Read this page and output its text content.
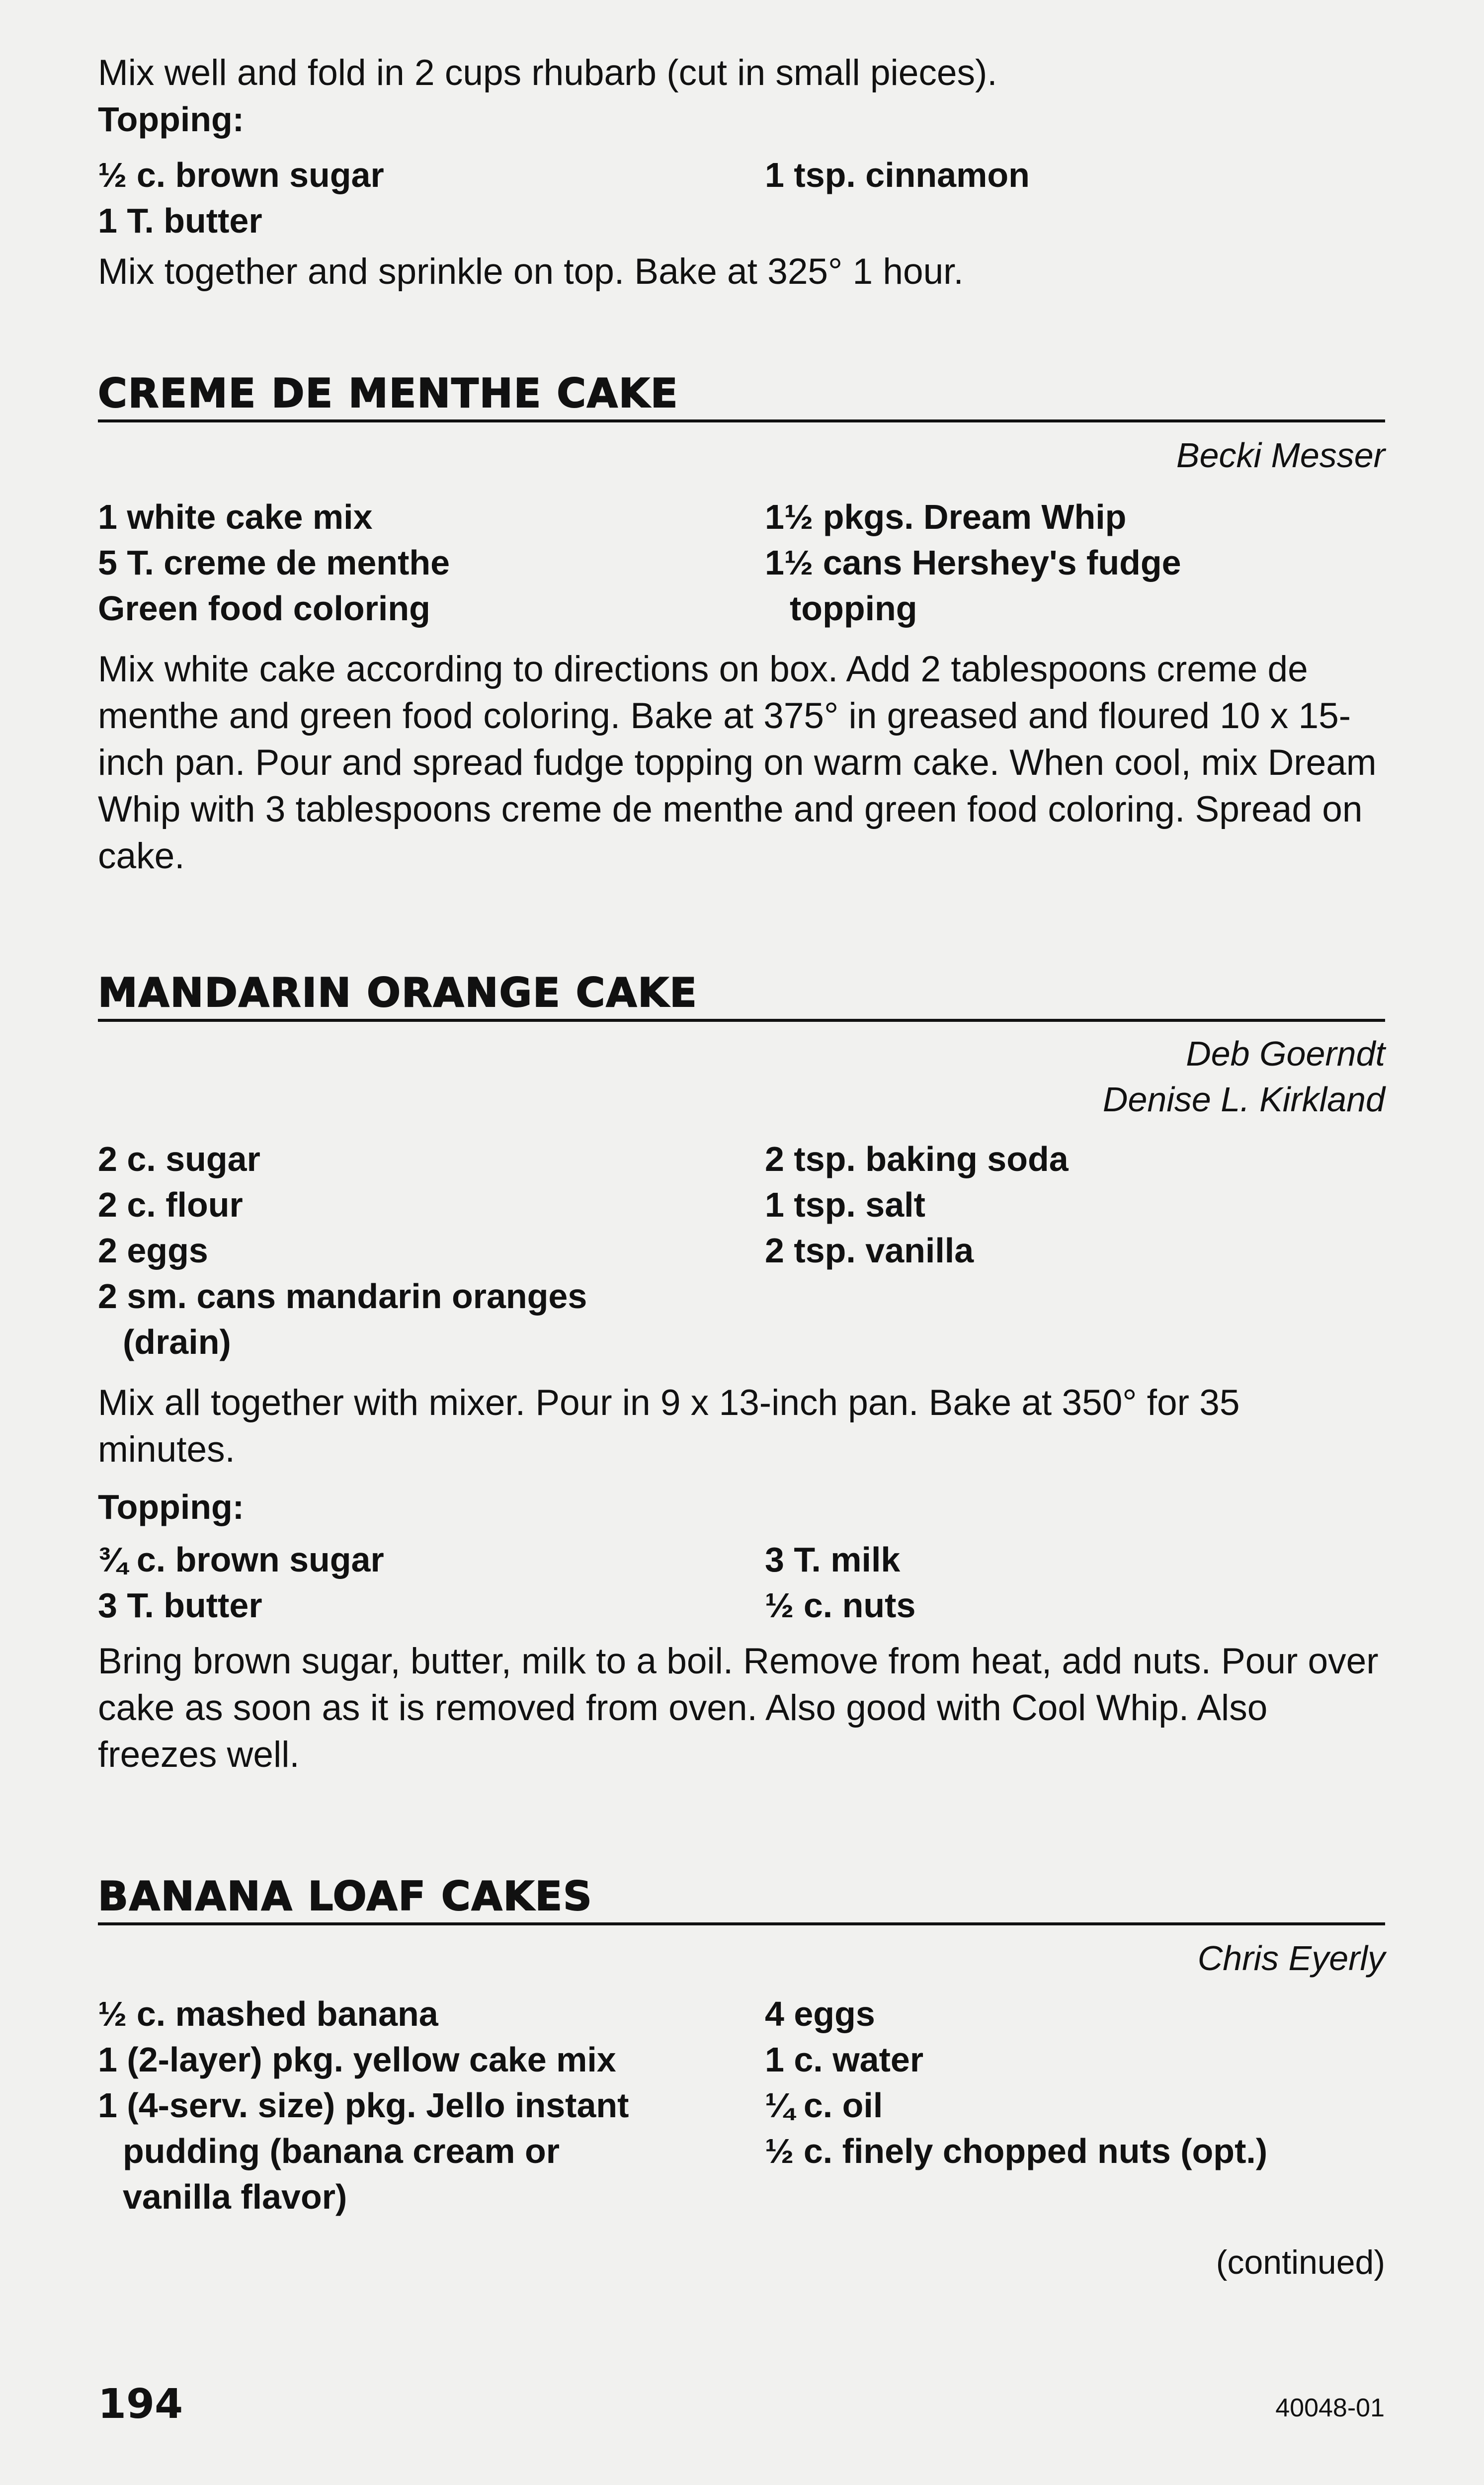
Mix well and fold in 2 cups rhubarb (cut in small pieces).

Topping:

½ c. brown sugar

1 T. butter

1 tsp. cinnamon

Mix together and sprinkle on top. Bake at 325° 1 hour.

CREME DE MENTHE CAKE

Becki Messer

1 white cake mix

5 T. creme de menthe

Green food coloring

1½ pkgs. Dream Whip

1½ cans Hershey's fudge

topping

Mix white cake according to directions on box. Add 2 tablespoons creme de menthe and green food coloring. Bake at 375° in greased and floured 10 x 15-inch pan. Pour and spread fudge topping on warm cake. When cool, mix Dream Whip with 3 tablespoons creme de menthe and green food coloring. Spread on cake.

MANDARIN ORANGE CAKE

Deb Goerndt
Denise L. Kirkland

2 c. sugar

2 c. flour

2 eggs

2 sm. cans mandarin oranges

(drain)

2 tsp. baking soda

1 tsp. salt

2 tsp. vanilla

Mix all together with mixer. Pour in 9 x 13-inch pan. Bake at 350° for 35 minutes.

Topping:

¾ c. brown sugar

3 T. butter

3 T. milk

½ c. nuts

Bring brown sugar, butter, milk to a boil. Remove from heat, add nuts. Pour over cake as soon as it is removed from oven. Also good with Cool Whip. Also freezes well.

BANANA LOAF CAKES

Chris Eyerly

½ c. mashed banana

1 (2-layer) pkg. yellow cake mix

1 (4-serv. size) pkg. Jello instant

pudding (banana cream or

vanilla flavor)

4 eggs

1 c. water

¼ c. oil

½ c. finely chopped nuts (opt.)

(continued)
194	40048-01
